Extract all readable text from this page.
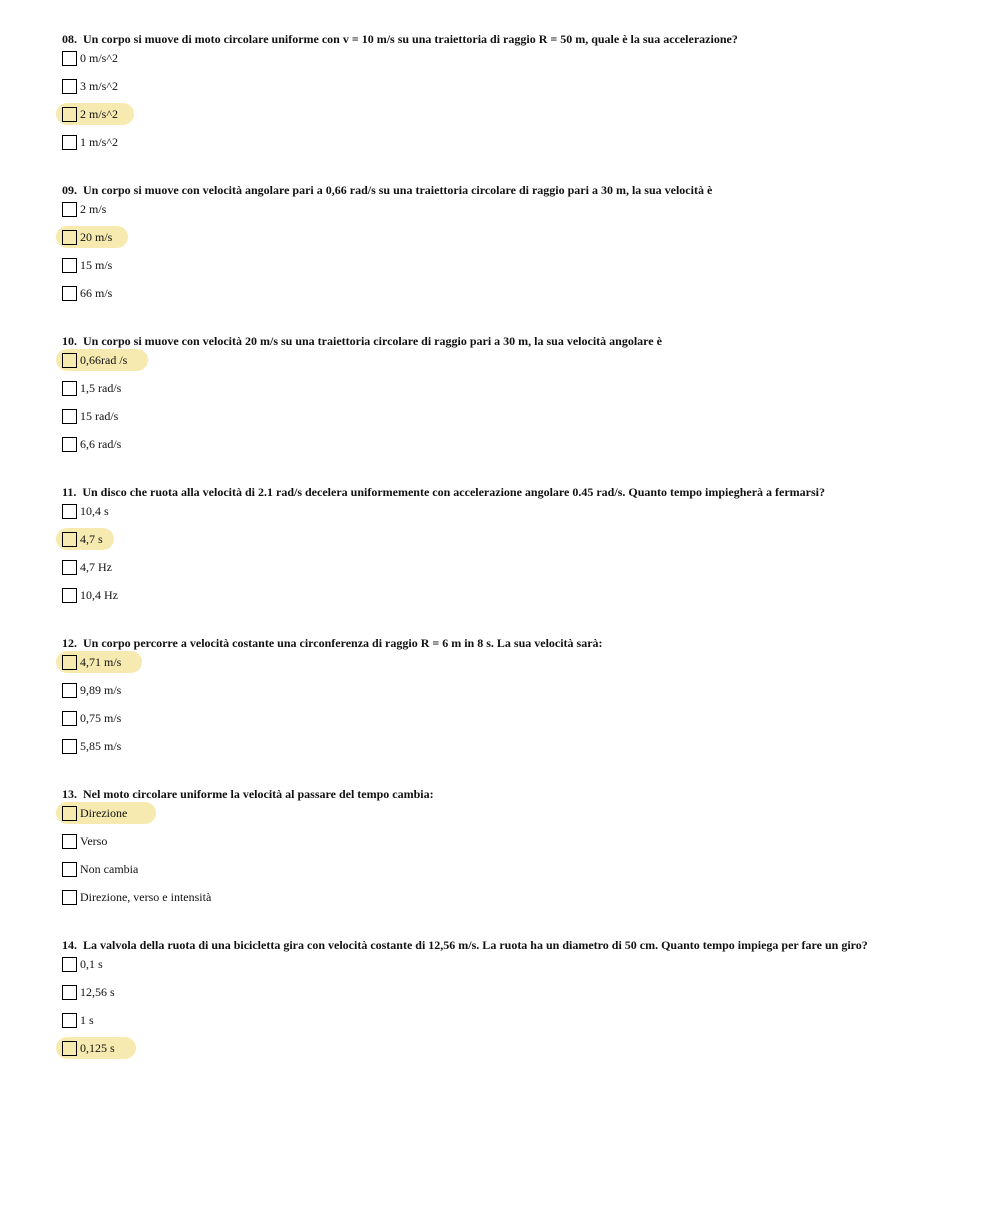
08. Un corpo si muove di moto circolare uniforme con v = 10 m/s su una traiettoria di raggio R = 50 m, quale è la sua accelerazione?

0 m/s^2
3 m/s^2
2 m/s^2
1 m/s^2

09. Un corpo si muove con velocità angolare pari a 0,66 rad/s su una traiettoria circolare di raggio pari a 30 m, la sua velocità è

2 m/s
20 m/s
15 m/s
66 m/s

10. Un corpo si muove con velocità 20 m/s su una traiettoria circolare di raggio pari a 30 m, la sua velocità angolare è

0,66rad /s
1,5 rad/s
15 rad/s
6,6 rad/s

11. Un disco che ruota alla velocità di 2.1 rad/s decelera uniformemente con accelerazione angolare 0.45 rad/s. Quanto tempo impiegherà a fermarsi?

10,4 s
4,7 s
4,7 Hz
10,4 Hz

12. Un corpo percorre a velocità costante una circonferenza di raggio R = 6 m in 8 s. La sua velocità sarà:

4,71 m/s
9,89 m/s
0,75 m/s
5,85 m/s

13. Nel moto circolare uniforme la velocità al passare del tempo cambia:

Direzione
Verso
Non cambia
Direzione, verso e intensità

14. La valvola della ruota di una bicicletta gira con velocità costante di 12,56 m/s. La ruota ha un diametro di 50 cm. Quanto tempo impiega per fare un giro?

0,1 s
12,56 s
1 s
0,125 s
